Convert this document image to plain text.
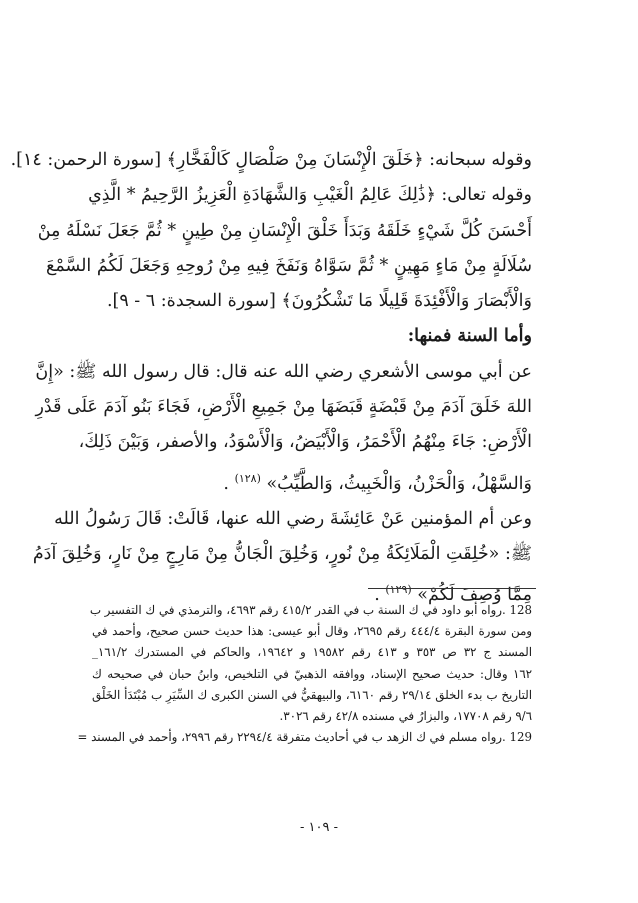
وقوله سبحانه: ﴿خَلَقَ الْإِنْسَانَ مِنْ صَلْصَالٍ كَالْفَخَّارِ﴾ [سورة الرحمن: ١٤].
وقوله تعالى: ﴿ذَٰلِكَ عَالِمُ الْغَيْبِ وَالشَّهَادَةِ الْعَزِيزُ الرَّحِيمُ * الَّذِي
أَحْسَنَ كُلَّ شَيْءٍ خَلَقَهُ وَبَدَأَ خَلْقَ الْإِنْسَانِ مِنْ طِينٍ * ثُمَّ جَعَلَ نَسْلَهُ مِنْ
سُلَالَةٍ مِنْ مَاءٍ مَهِينٍ * ثُمَّ سَوَّاهُ وَنَفَخَ فِيهِ مِنْ رُوحِهِ وَجَعَلَ لَكُمُ السَّمْعَ
وَالْأَبْصَارَ وَالْأَفْئِدَةَ قَلِيلًا مَا تَشْكُرُونَ﴾ [سورة السجدة: ٦ - ٩].
وأما السنة فمنها:
عن أبي موسى الأشعري رضي الله عنه قال: قال رسول الله ﷺ: «إِنَّ
اللهَ خَلَقَ آدَمَ مِنْ قَبْضَةٍ قَبَضَهَا مِنْ جَمِيعِ الْأَرْضِ، فَجَاءَ بَنُو آدَمَ عَلَى قَدْرِ
الْأَرْضِ: جَاءَ مِنْهُمُ الْأَحْمَرُ، وَالْأَبْيَضُ، وَالْأَسْوَدُ، والأصفر، وَبَيْنَ ذَلِكَ،
وَالسَّهْلُ، وَالْحَزْنُ، وَالْخَبِيثُ، وَالطَّيِّبُ» $^{(١٢٨)}$ .
وعن أم المؤمنين عَنْ عَائِشَةَ رضي الله عنها، قَالَتْ: قَالَ رَسُولُ الله
ﷺ: «خُلِقَتِ الْمَلَائِكَةُ مِنْ نُورٍ، وَخُلِقَ الْجَانُّ مِنْ مَارِجٍ مِنْ نَارٍ، وَخُلِقَ آدَمُ
مِمَّا وُصِفَ لَكُمْ» $^{(١٢٩)}$ .
128 .رواه أبو داود في ك السنة ب في القدر ٤١٥/٢ رقم ٤٦٩٣، والترمذي في ك التفسير ب
ومن سورة البقرة ٤٤٤/٤ رقم ٢٦٩٥، وقال أبو عيسى: هذا حديث حسن صحيح، وأحمد في
المسند ج ٣٢ ص ٣٥٣ و ٤١٣ رقم ١٩٥٨٢ و ١٩٦٤٢، والحاكم في المستدرك ١٦١/٢_
١٦٢ وقال: حديث صحيح الإسناد، ووافقه الذهبيّ في التلخيص، وابنُ حبان في صحيحه ك
التاريخ ب بدء الخلق ٢٩/١٤ رقم ٦١٦٠، والبيهقيُّ في السنن الكبرى ك السِّيَرِ ب مُبْتَدَأ الخَلْق
٩/٦ رقم ١٧٧٠٨، والبزارُ في مسنده ٤٢/٨ رقم ٣٠٢٦.
129 .رواه مسلم في ك الزهد ب في أحاديث متفرقة ٢٢٩٤/٤ رقم ٢٩٩٦، وأحمد في المسند =
- ١٠٩ -
